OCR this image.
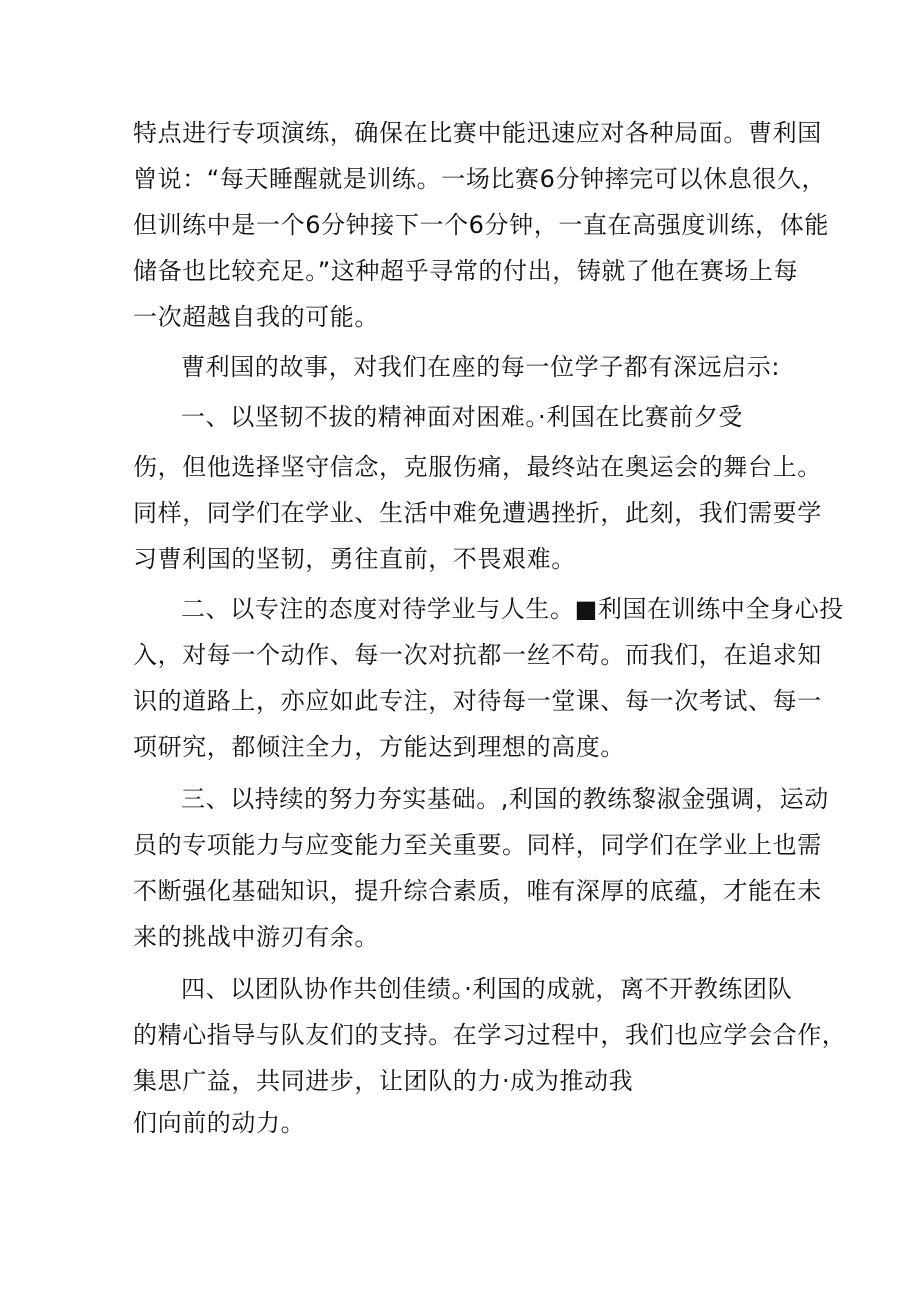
特点进行专项演练，确保在比赛中能迅速应对各种局面。曹利国
曾说：“每天睡醒就是训练。一场比赛6分钟摔完可以休息很久，
但训练中是一个6分钟接下一个6分钟，一直在高强度训练，体能
储备也比较充足。”这种超乎寻常的付出，铸就了他在赛场上每
一次超越自我的可能。
曹利国的故事，对我们在座的每一位学子都有深远启示:
一、以坚韧不拔的精神面对困难。·利国在比赛前夕受
伤，但他选择坚守信念，克服伤痛，最终站在奥运会的舞台上。
同样，同学们在学业、生活中难免遭遇挫折，此刻，我们需要学
习曹利国的坚韧，勇往直前，不畏艰难。
二、以专注的态度对待学业与人生。■利国在训练中全身心投
入，对每一个动作、每一次对抗都一丝不苟。而我们，在追求知
识的道路上，亦应如此专注，对待每一堂课、每一次考试、每一
项研究，都倾注全力，方能达到理想的高度。
三、以持续的努力夯实基础。,利国的教练黎淑金强调，运动
员的专项能力与应变能力至关重要。同样，同学们在学业上也需
不断强化基础知识，提升综合素质，唯有深厚的底蕴，才能在未
来的挑战中游刃有余。
四、以团队协作共创佳绩。·利国的成就，离不开教练团队
的精心指导与队友们的支持。在学习过程中，我们也应学会合作，
集思广益，共同进步，让团队的力·成为推动我
们向前的动力。
